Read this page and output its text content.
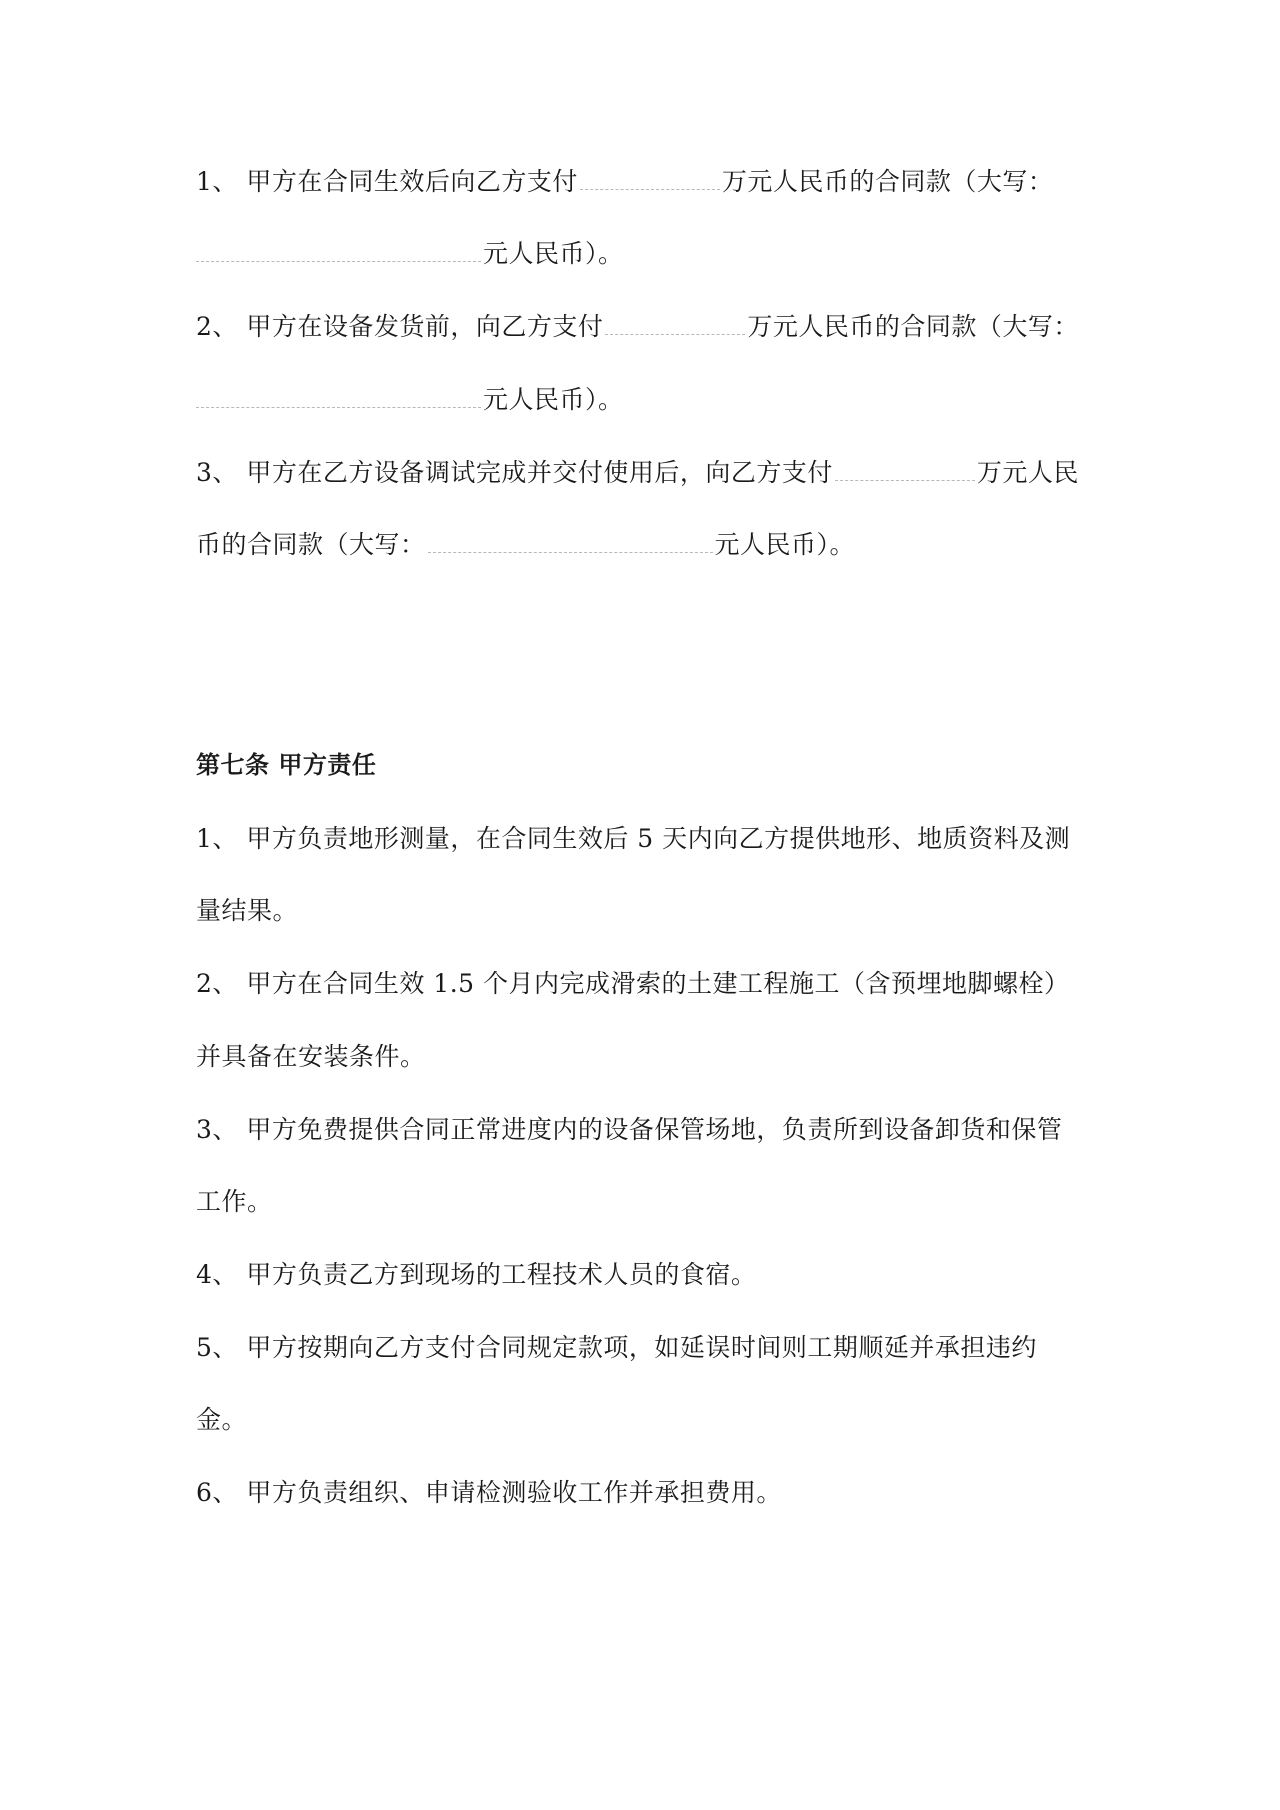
1、 甲方在合同生效后向乙方支付	万元人民币的合同款（大写：
元人民币）。
2、 甲方在设备发货前，向乙方支付	万元人民币的合同款（大写：
元人民币）。
3、 甲方在乙方设备调试完成并交付使用后，向乙方支付	万元人民
币的合同款（大写：	元人民币）。
第七条 甲方责任
1、 甲方负责地形测量，在合同生效后 5 天内向乙方提供地形、地质资料及测
量结果。
2、 甲方在合同生效 1.5 个月内完成滑索的土建工程施工（含预埋地脚螺栓）
并具备在安装条件。
3、 甲方免费提供合同正常进度内的设备保管场地，负责所到设备卸货和保管
工作。
4、 甲方负责乙方到现场的工程技术人员的食宿。
5、 甲方按期向乙方支付合同规定款项，如延误时间则工期顺延并承担违约
金。
6、 甲方负责组织、申请检测验收工作并承担费用。
